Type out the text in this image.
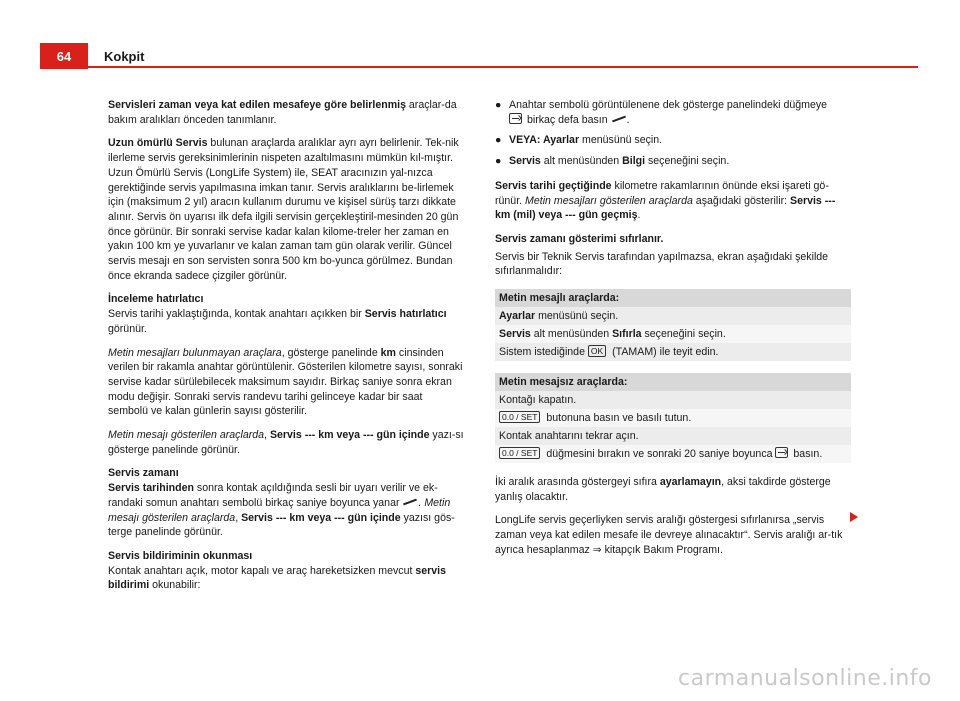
64	Kokpit
Servisleri zaman veya kat edilen mesafeye göre belirlenmiş araçlar-da bakım aralıkları önceden tanımlanır.
Uzun ömürlü Servis bulunan araçlarda aralıklar ayrı ayrı belirlenir. Tek-nik ilerleme servis gereksinimlerinin nispeten azaltılmasını mümkün kıl-mıştır. Uzun Ömürlü Servis (LongLife System) ile, SEAT aracınızın yal-nızca gerektiğinde servis yapılmasına imkan tanır. Servis aralıklarını be-lirlemek için (maksimum 2 yıl) aracın kullanım durumu ve kişisel sürüş tarzı dikkate alınır. Servis ön uyarısı ilk defa ilgili servisin gerçekleştiril-mesinden 20 gün önce görünür. Bir sonraki servise kadar kalan kilome-treler her zaman en yakın 100 km ye yuvarlanır ve kalan zaman tam gün olarak verilir. Güncel servis mesajı en son servisten sonra 500 km bo-yunca görülmez. Bundan önce ekranda sadece çizgiler görünür.
İnceleme hatırlatıcı
Servis tarihi yaklaştığında, kontak anahtarı açıkken bir Servis hatırlatıcı görünür.
Metin mesajları bulunmayan araçlara, gösterge panelinde km cinsinden verilen bir rakamla anahtar görüntülenir. Gösterilen kilometre sayısı, sonraki servise kadar sürülebilecek maksimum sayıdır. Birkaç saniye sonra ekran modu değişir. Sonraki servis randevu tarihi gelinceye kadar bir saat sembolü ve kalan günlerin sayısı gösterilir.
Metin mesajı gösterilen araçlarda, Servis --- km veya --- gün içinde yazı-sı gösterge panelinde görünür.
Servis zamanı
Servis tarihinden sonra kontak açıldığında sesli bir uyarı verilir ve ek-randaki somun anahtarı sembolü birkaç saniye boyunca yanar . Metin mesajı gösterilen araçlarda, Servis --- km veya --- gün içinde yazısı gös-terge panelinde görünür.
Servis bildiriminin okunması
Kontak anahtarı açık, motor kapalı ve araç hareketsizken mevcut servis bildirimi okunabilir:
● Anahtar sembolü görüntülenene dek gösterge panelindeki düğmeye
birkaç defa basın .
● VEYA: Ayarlar menüsünü seçin.
● Servis alt menüsünden Bilgi seçeneğini seçin.
Servis tarihi geçtiğinde kilometre rakamlarının önünde eksi işareti gö-rünür. Metin mesajları gösterilen araçlarda aşağıdaki gösterilir: Servis --- km (mil) veya --- gün geçmiş.
Servis zamanı gösterimi sıfırlanır.
Servis bir Teknik Servis tarafından yapılmazsa, ekran aşağıdaki şekilde sıfırlanmalıdır:
Metin mesajlı araçlarda:
Ayarlar menüsünü seçin.
Servis alt menüsünden Sıfırla seçeneğini seçin.
Sistem istediğinde OK (TAMAM) ile teyit edin.
Metin mesajsız araçlarda:
Kontağı kapatın.
0.0 / SET butonuna basın ve basılı tutun.
Kontak anahtarını tekrar açın.
0.0 / SET düğmesini bırakın ve sonraki 20 saniye boyunca  basın.
İki aralık arasında göstergeyi sıfıra ayarlamayın, aksi takdirde gösterge yanlış olacaktır.
LongLife servis geçerliyken servis aralığı göstergesi sıfırlanırsa „servis zaman veya kat edilen mesafe ile devreye alınacaktır“. Servis aralığı ar-tık ayrıca hesaplanmaz ⇒ kitapçık Bakım Programı.
carmanualsonline.info
